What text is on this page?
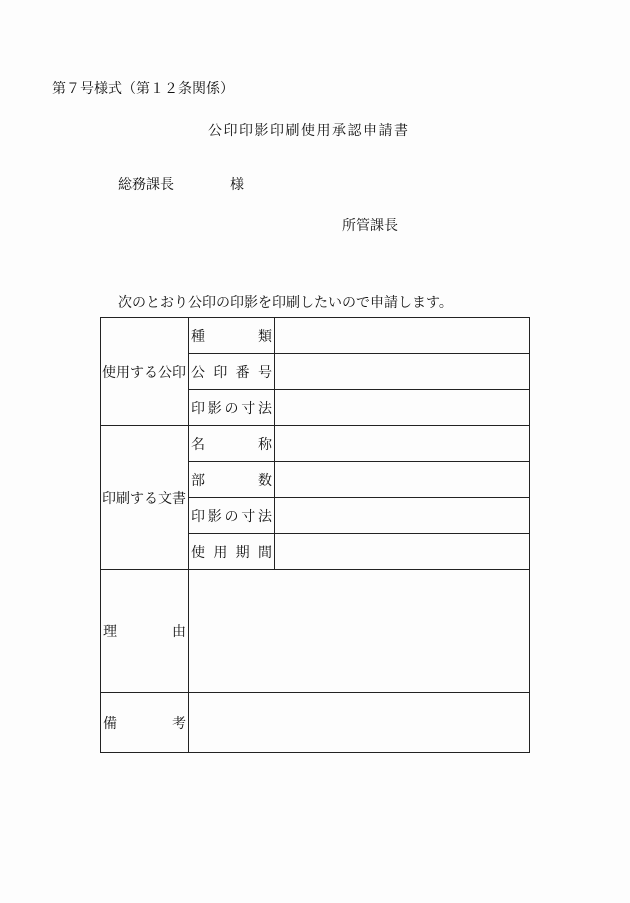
第７号様式（第１２条関係）
公印印影印刷使用承認申請書
総務課長	様
所管課長
次のとおり公印の印影を印刷したいので申請します。
使用する公印	種 類	

	公 印 番 号	

	印 影 の 寸 法	

印刷する文書	名 称	

	部 数	

	印 影 の 寸 法	

	使 用 期 間	

理 由		

備 考		
